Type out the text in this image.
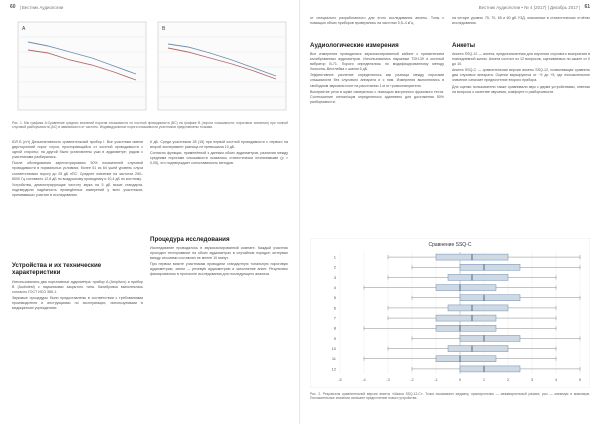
60 | Вестник Аудиологии
A	B
Рис. 1. Мы графика A:Сравнение средних значений порогов слышимости по костной проводимости (BC) на графике B (пороги слышимости; пороговые значения) при полной слуховой разборчивости (AC) в зависимости от частоты. Индивидуальные пороги слышимости участников представлены точками.

ЮЛ Б (н/т) Дизъюнктивность сравнительный прибор I. Все участники имели двусторонний порог слуха, простирающийся от костной проводимости с одной стороны; на другой были установлены уши в аудиометре; рядом с участниками разбирались.

После обследования зарегистрировано 50% показателей слуховой проводимости в нормальных условиях, более 51 из 64 ушей уровень слуха соответствовал порогу до 25 дБ нПС. Среднее значение на частотах 250–8000 Гц составило 12,8 дБ по воздушному проводнику и 10,4 дБ по костному.

Устройства, демонстрирующие чистоту звука на 5 дБ выше стандарта, подтвердили надёжность проведённых измерений у всех участников, принимавших участие в исследовании.

Устройства и их технические характеристики

Использовались два портативных аудиометра: прибор A (Amplivox) и прибор B (Audiotest) с наушниками закрытого типа. Калибровка выполнялась согласно ГОСТ ИСО 389-1.

Звуковые процедуры были предоставлены в соответствии с требованиями производителя и инструкциями по эксплуатации, используемыми в медицинских учреждениях.

6 дБ. Среди участников 28 (15) при первой костной проводимости с первого на второй эксперимент разница не превышала 10 дБ.

Согласно функции, применённой к данным обоих аудиометров, различия между средними порогами слышимости оказались статистически незначимыми (p > 0,05), что подтверждает сопоставимость методов.

Процедура исследования

Исследование проводилось в звукоизолированной комнате. Каждый участник проходил тестирование на обоих аудиометрах в случайном порядке; интервал между сессиями составлял не менее 10 минут.

При первом визите участникам проводили стандартную тональную пороговую аудиометрию, затем — речевую аудиометрию и заполнение анкет. Результаты фиксировались в протоколе исследования для последующего анализа.

Вестник Аудиологии • № 4 (2017) | Декабрь 2017 | 61
от специально разработанного для этого исследования анкеты. Тоны с помощью обоих приборов проверялись на частотах 0,5–4 кГц.
Аудиологические измерения

Все измерения проводились звукоизолированной кабине с применением калиброванных аудиометров. Использовались наушники TDH-39 и костный вибратор B-71. Пороги определялись по модифицированному методу Хьюсона–Вестлейка с шагом 5 дБ.

Эффективное усиление определялось как разница между порогами слышимости без слухового аппарата и с ним. Измерения выполнялись в свободном звуковом поле на расстоянии 1 м от громкоговорителя.

Восприятие речи в шуме измерялось с помощью матричного фразового теста. Соотношение сигнал/шум определялось адаптивно для достижения 50% разборчивости.

на четыре уровня: 75, 70, 65 и 60 дБ УЗД, описанные в статистических отчётах исследования.
Анкеты

Анкета SSQ-12 — анкета, предназначенная для изучения слухового восприятия в повседневной жизни. Анкета состоит из 12 вопросов, оцениваемых по шкале от 0 до 10.

Анкета SSQ-C — сравнительная версия анкеты SSQ-12, позволяющая сравнить два слуховых аппарата. Оценки варьируются от −5 до +5, где положительное значение означает предпочтение второго прибора.

Для оценки пользователи также сравнивали звук с двумя устройствами, отвечая на вопросы о качестве звучания, комфорте и разборчивости.

Сравнение SSQ-C
1
2
3
4
5
6
7
8
9
10
11
12
-5	-4	-3	-2	-1	0	1	2	3	4	5
Рис. 2. Результаты сравнительной версии анкеты «Шкала SSQ-12-C». Точки показывают медиану, прямоугольник — межквартильный размах, усы — минимум и максимум. Положительные значения означают предпочтение нового устройства.
